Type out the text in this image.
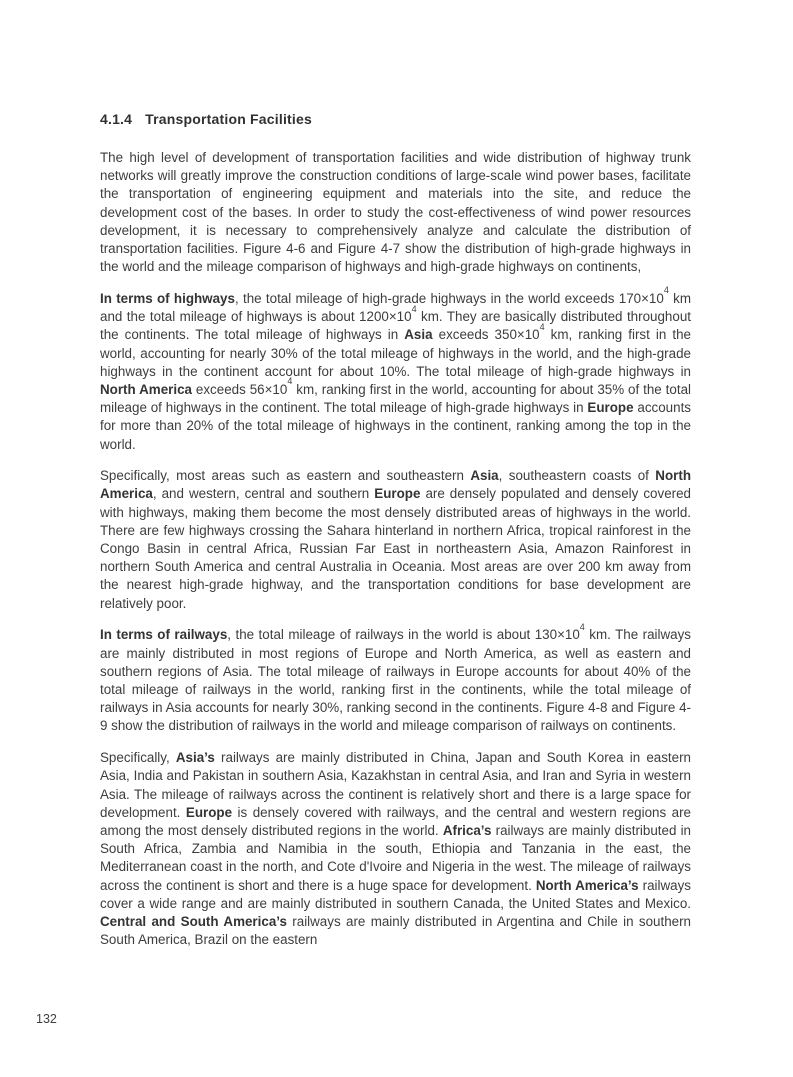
4.1.4 Transportation Facilities

The high level of development of transportation facilities and wide distribution of highway trunk networks will greatly improve the construction conditions of large-scale wind power bases, facilitate the transportation of engineering equipment and materials into the site, and reduce the development cost of the bases. In order to study the cost-effectiveness of wind power resources development, it is necessary to comprehensively analyze and calculate the distribution of transportation facilities. Figure 4-6 and Figure 4-7 show the distribution of high-grade highways in the world and the mileage comparison of highways and high-grade highways on continents,

In terms of highways, the total mileage of high-grade highways in the world exceeds $170\times 10^4$ km and the total mileage of highways is about $1200\times 10^4$ km. They are basically distributed throughout the continents. The total mileage of highways in Asia exceeds $350\times 10^4$ km, ranking first in the world, accounting for nearly 30% of the total mileage of highways in the world, and the high-grade highways in the continent account for about 10%. The total mileage of high-grade highways in North America exceeds $56\times 10^4$ km, ranking first in the world, accounting for about 35% of the total mileage of highways in the continent. The total mileage of high-grade highways in Europe accounts for more than 20% of the total mileage of highways in the continent, ranking among the top in the world.

Specifically, most areas such as eastern and southeastern Asia, southeastern coasts of North America, and western, central and southern Europe are densely populated and densely covered with highways, making them become the most densely distributed areas of highways in the world. There are few highways crossing the Sahara hinterland in northern Africa, tropical rainforest in the Congo Basin in central Africa, Russian Far East in northeastern Asia, Amazon Rainforest in northern South America and central Australia in Oceania. Most areas are over 200 km away from the nearest high-grade highway, and the transportation conditions for base development are relatively poor.

In terms of railways, the total mileage of railways in the world is about $130\times 10^4$ km. The railways are mainly distributed in most regions of Europe and North America, as well as eastern and southern regions of Asia. The total mileage of railways in Europe accounts for about 40% of the total mileage of railways in the world, ranking first in the continents, while the total mileage of railways in Asia accounts for nearly 30%, ranking second in the continents. Figure 4-8 and Figure 4-9 show the distribution of railways in the world and mileage comparison of railways on continents.

Specifically, Asia’s railways are mainly distributed in China, Japan and South Korea in eastern Asia, India and Pakistan in southern Asia, Kazakhstan in central Asia, and Iran and Syria in western Asia. The mileage of railways across the continent is relatively short and there is a large space for development. Europe is densely covered with railways, and the central and western regions are among the most densely distributed regions in the world. Africa’s railways are mainly distributed in South Africa, Zambia and Namibia in the south, Ethiopia and Tanzania in the east, the Mediterranean coast in the north, and Cote d'Ivoire and Nigeria in the west. The mileage of railways across the continent is short and there is a huge space for development. North America’s railways cover a wide range and are mainly distributed in southern Canada, the United States and Mexico. Central and South America’s railways are mainly distributed in Argentina and Chile in southern South America, Brazil on the eastern

132
